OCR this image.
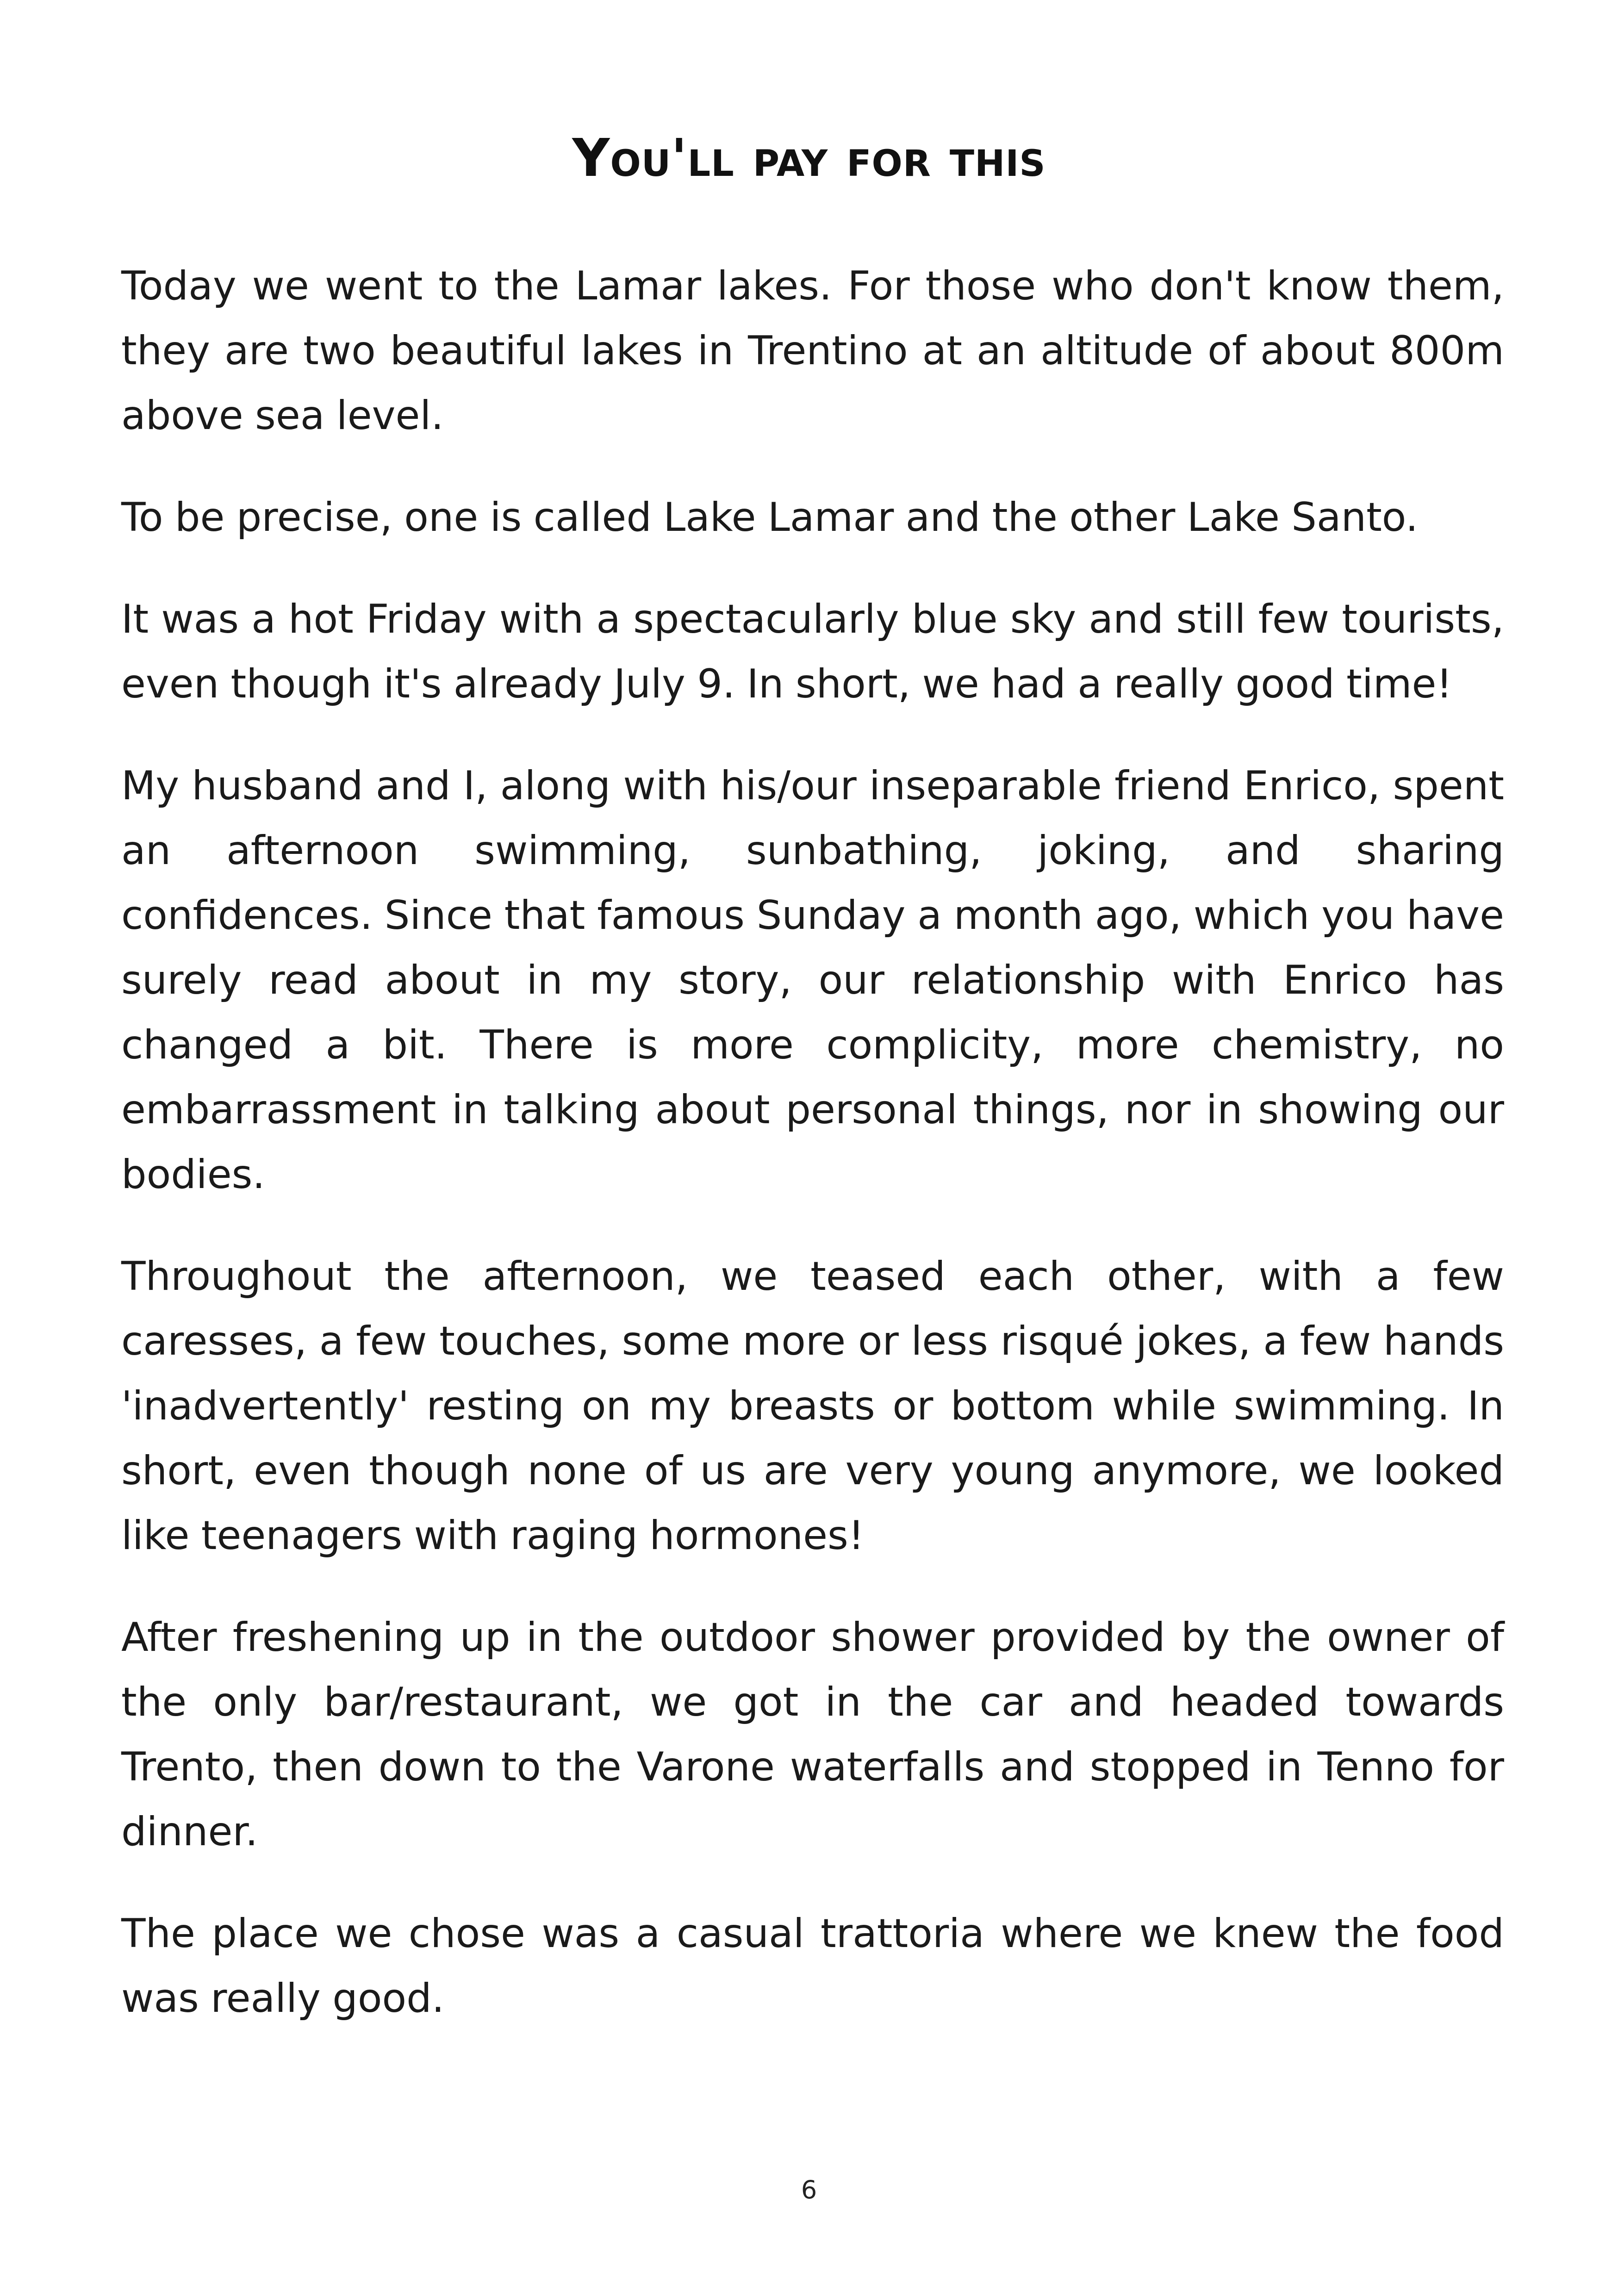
You'll pay for this

Today we went to the Lamar lakes. For those who don't know them, they are two beautiful lakes in Trentino at an altitude of about 800m above sea level.

To be precise, one is called Lake Lamar and the other Lake Santo.

It was a hot Friday with a spectacularly blue sky and still few tourists, even though it's already July 9. In short, we had a really good time!

My husband and I, along with his/our inseparable friend Enrico, spent an afternoon swimming, sunbathing, joking, and sharing confidences. Since that famous Sunday a month ago, which you have surely read about in my story, our relationship with Enrico has changed a bit. There is more complicity, more chemistry, no embarrassment in talking about personal things, nor in showing our bodies.

Throughout the afternoon, we teased each other, with a few caresses, a few touches, some more or less risqué jokes, a few hands 'inadvertently' resting on my breasts or bottom while swimming. In short, even though none of us are very young anymore, we looked like teenagers with raging hormones!

After freshening up in the outdoor shower provided by the owner of the only bar/restaurant, we got in the car and headed towards Trento, then down to the Varone waterfalls and stopped in Tenno for dinner.

The place we chose was a casual trattoria where we knew the food was really good.

6
